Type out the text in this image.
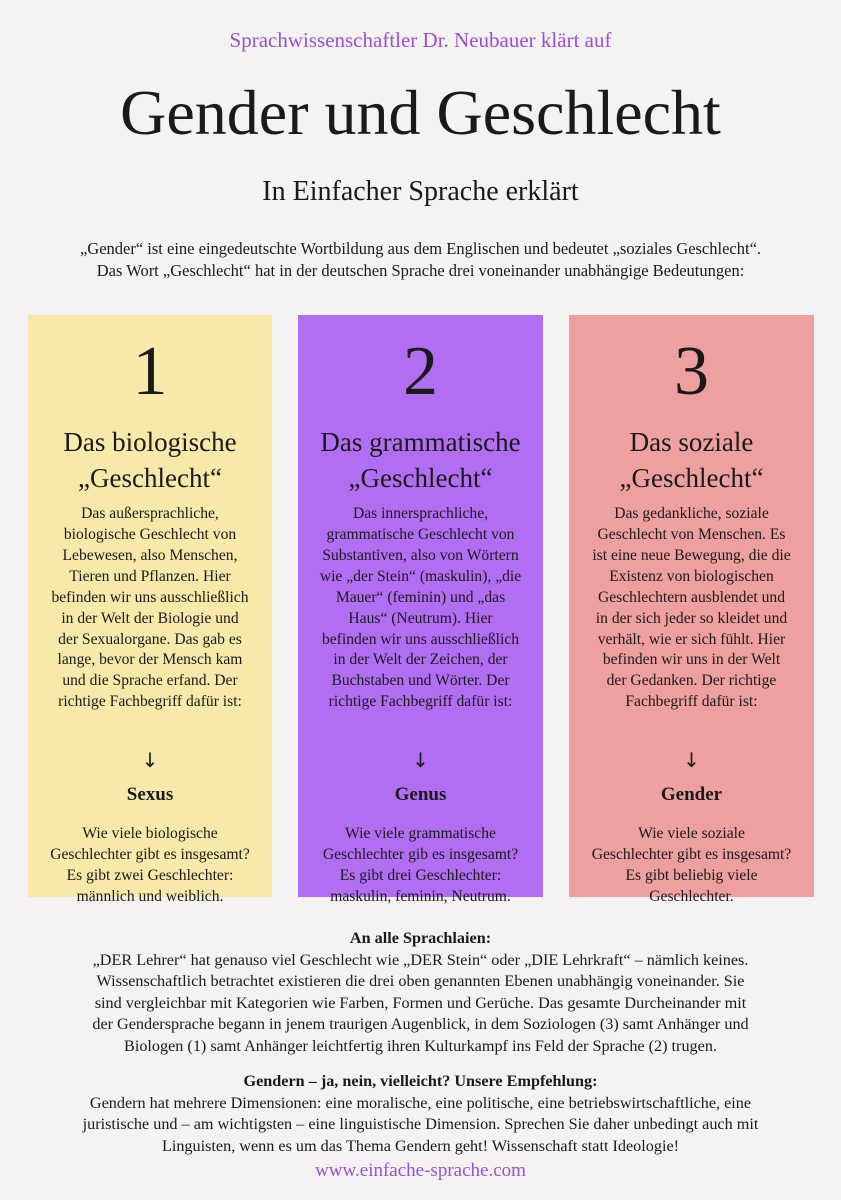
Sprachwissenschaftler Dr. Neubauer klärt auf
Gender und Geschlecht
In Einfacher Sprache erklärt
„Gender“ ist eine eingedeutschte Wortbildung aus dem Englischen und bedeutet „soziales Geschlecht“.
Das Wort „Geschlecht“ hat in der deutschen Sprache drei voneinander unabhängige Bedeutungen:
1
Das biologische
„Geschlecht“
Das außersprachliche,
biologische Geschlecht von
Lebewesen, also Menschen,
Tieren und Pflanzen. Hier
befinden wir uns ausschließlich
in der Welt der Biologie und
der Sexualorgane. Das gab es
lange, bevor der Mensch kam
und die Sprache erfand. Der
richtige Fachbegriff dafür ist:
↓
Sexus
Wie viele biologische
Geschlechter gibt es insgesamt?
Es gibt zwei Geschlechter:
männlich und weiblich.
2
Das grammatische
„Geschlecht“
Das innersprachliche,
grammatische Geschlecht von
Substantiven, also von Wörtern
wie „der Stein“ (maskulin), „die
Mauer“ (feminin) und „das
Haus“ (Neutrum). Hier
befinden wir uns ausschließlich
in der Welt der Zeichen, der
Buchstaben und Wörter. Der
richtige Fachbegriff dafür ist:
↓
Genus
Wie viele grammatische
Geschlechter gib es insgesamt?
Es gibt drei Geschlechter:
maskulin, feminin, Neutrum.
3
Das soziale
„Geschlecht“
Das gedankliche, soziale
Geschlecht von Menschen. Es
ist eine neue Bewegung, die die
Existenz von biologischen
Geschlechtern ausblendet und
in der sich jeder so kleidet und
verhält, wie er sich fühlt. Hier
befinden wir uns in der Welt
der Gedanken. Der richtige
Fachbegriff dafür ist:
↓
Gender
Wie viele soziale
Geschlechter gibt es insgesamt?
Es gibt beliebig viele
Geschlechter.
An alle Sprachlaien:
„DER Lehrer“ hat genauso viel Geschlecht wie „DER Stein“ oder „DIE Lehrkraft“ – nämlich keines.
Wissenschaftlich betrachtet existieren die drei oben genannten Ebenen unabhängig voneinander. Sie
sind vergleichbar mit Kategorien wie Farben, Formen und Gerüche. Das gesamte Durcheinander mit
der Gendersprache begann in jenem traurigen Augenblick, in dem Soziologen (3) samt Anhänger und
Biologen (1) samt Anhänger leichtfertig ihren Kulturkampf ins Feld der Sprache (2) trugen.
Gendern – ja, nein, vielleicht? Unsere Empfehlung:
Gendern hat mehrere Dimensionen: eine moralische, eine politische, eine betriebswirtschaftliche, eine
juristische und – am wichtigsten – eine linguistische Dimension. Sprechen Sie daher unbedingt auch mit
Linguisten, wenn es um das Thema Gendern geht! Wissenschaft statt Ideologie!
www.einfache-sprache.com
